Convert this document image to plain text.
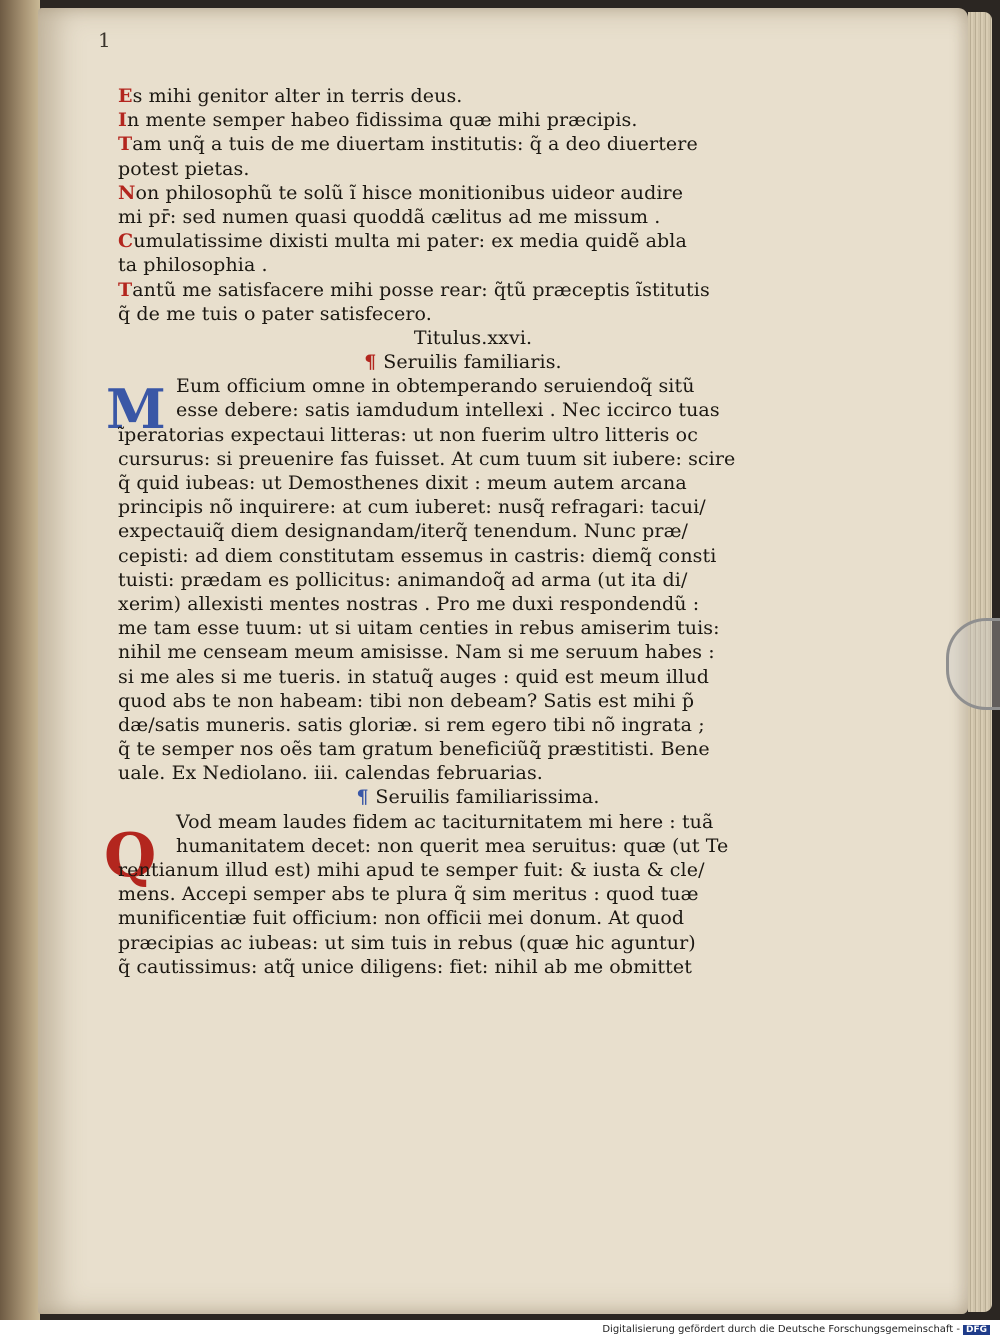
1
M
Q
Es mihi genitor alter in terris deus.
In mente semper habeo fidissima quæ mihi præcipis.
Tam unq̃ a tuis de me diuertam institutis: q̃ a deo diuertere
potest pietas.
Non philosophũ te solũ ĩ hisce monitionibus uideor audire
mi pr̄: sed numen quasi quoddã cælitus ad me missum .
Cumulatissime dixisti multa mi pater: ex media quidẽ abla
ta philosophia .
Tantũ me satisfacere mihi posse rear: q̃tũ præceptis ĩstitutis
q̃ de me tuis o pater satisfecero.
Titulus.xxvi.
¶ Seruilis familiaris.
Eum officium omne in obtemperando seruiendoq̃ sitũ
esse debere: satis iamdudum intellexi . Nec iccirco tuas
ĩperatorias expectaui litteras: ut non fuerim ultro litteris oc
cursurus: si preuenire fas fuisset. At cum tuum sit iubere: scire
q̃ quid iubeas: ut Demosthenes dixit : meum autem arcana
principis nõ inquirere: at cum iuberet: nusq̃ refragari: tacui/
expectauiq̃ diem designandam/iterq̃ tenendum. Nunc præ/
cepisti: ad diem constitutam essemus in castris: diemq̃ consti
tuisti: prædam es pollicitus: animandoq̃ ad arma (ut ita di/
xerim) allexisti mentes nostras . Pro me duxi respondendũ :
me tam esse tuum: ut si uitam centies in rebus amiserim tuis:
nihil me censeam meum amisisse. Nam si me seruum habes :
si me ales si me tueris. in statuq̃ auges : quid est meum illud
quod abs te non habeam: tibi non debeam? Satis est mihi p̃
dæ/satis muneris. satis gloriæ. si rem egero tibi nõ ingrata ;
q̃ te semper nos oẽs tam gratum beneficiũq̃ præstitisti. Bene
uale. Ex Nediolano. iii. calendas februarias.
¶ Seruilis familiarissima.
Vod meam laudes fidem ac taciturnitatem mi here : tuã
humanitatem decet: non querit mea seruitus: quæ (ut Te
rentianum illud est) mihi apud te semper fuit: & iusta & cle/
mens. Accepi semper abs te plura q̃ sim meritus : quod tuæ
munificentiæ fuit officium: non officii mei donum. At quod
præcipias ac iubeas: ut sim tuis in rebus (quæ hic aguntur)
q̃ cautissimus: atq̃ unice diligens: fiet: nihil ab me obmittet
Digitalisierung gefördert durch die Deutsche Forschungsgemeinschaft - DFG
